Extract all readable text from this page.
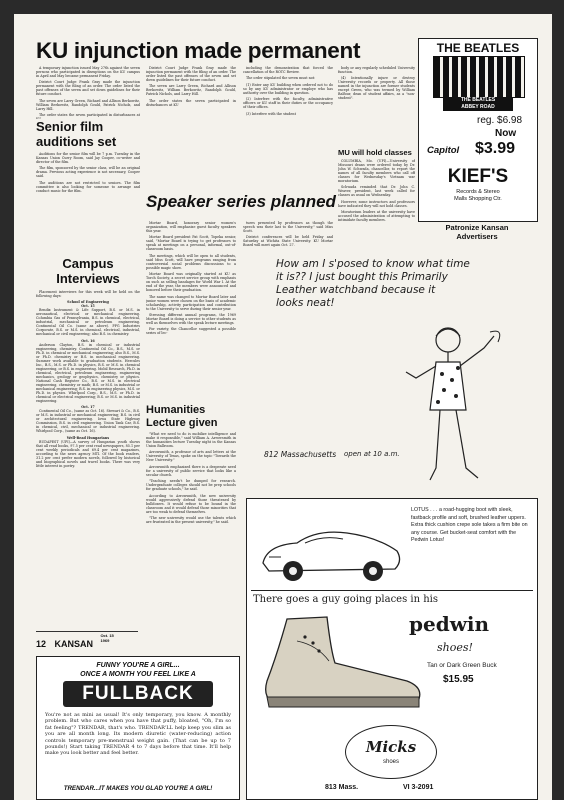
KU injunction made permanent

A temporary injunction issued May 27th against the seven persons who participated in disruptions on the KU campus in April and May became permanent Friday.

District Court Judge Frank Gray made the injunction permanent with the filing of an order. The order listed the past offenses of the seven and set down guidelines for their future conduct.

The seven are Larry Green, Richard and Allison Berkowitz, William Berkowitz, Randolph Gould, Patrick Nichols, and Larry Hill.

The order states the seven participated in disturbances at

District Court Judge Frank Gray made the injunction permanent with the filing of an order. The order listed the past offenses of the seven and set down guidelines for their future conduct.

The seven are Larry Green, Richard and Allison Berkowitz, William Berkowitz, Randolph Gould, Patrick Nichols, and Larry Hill.

The order states the seven participated in disturbances at KU

including the demonstration that forced the cancellation of the ROTC Review.

The order stipulated the seven must not:

(1) Enter any KU building when ordered not to do so by any KU administrator or employe who has authority over the building in question.

(2) Interfere with the faculty, administrative officers or KU staff in their duties or the occupancy of their offices.

(3) Interfere with the student

body or any regularly scheduled University function.

(4) Intentionally injure or destroy University records or property. All those named in the injunction are former students except Green, who was termed by William Balfour, dean of student affairs, as a "non-student".

MU will hold classes

COLUMBIA, Mo. (UPI)—University of Missouri deans were ordered today by Dr. John W. Schwada, chancellor, to report the names of all faculty members who call off classes for Wednesday's Vietnam war moratorium.

Schwada reminded that Dr. John C. Weaver, president, last week called for classes as usual on Wednesday.

However, some instructors and professors have indicated they will not hold classes.

Moratorium leaders at the university have accused the administration of attempting to intimidate faculty members.

Senior film auditions set

Auditions for the senior film will be 7 p.m. Tuesday in the Kansas Union Curry Room, said Jay Cooper, co-writer and director of the film.

The film, sponsored by the senior class, will be an original drama. Previous acting experience is not necessary, Cooper said.

The auditions are not restricted to seniors. The film committee is also looking for someone to arrange and conduct music for the film.

Campus Interviews

Placement interviews for this week will be held on the following days:

School of Engineering
Oct. 15

Bendix Instrument & Life Support, B.S. or M.S. in aeronautical, electrical or mechanical engineering. Columbia Gas of Pennsylvania, B.S. in chemical, electrical, industrial, mechanical or petroleum engineering. Continental Oil Co. (same as above). PPG Industries Corporate, B.S. or M.S. in chemical, electrical, industrial, mechanical or civil engineering; also B.S. in chemistry.

Oct. 16

Anderson Clayton, B.S. in chemical or industrial engineering, chemistry. Continental Oil Co., B.S., M.S. or Ph.D. in chemical or mechanical engineering; also B.S., M.S. or Ph.D. chemistry or B.S. in mechanical engineering. Summer work available to graduation students. Hercules Inc., B.S., M.S. or Ph.D. in physics, B.S. or M.S. in chemical engineering, or B.S. in engineering. Mobil Research, Ph.D. in chemical, electrical, petroleum engineering, engineering mechanics, geology or geophysics, chemistry or physics. National Cash Register Co., B.S. or M.S. in electrical engineering, chemistry or math; B.S. or M.S. in industrial or mechanical engineering; B.S. in engineering physics, M.S. or Ph.D. in physics. Whirlpool Corp., B.S., M.S. or Ph.D. in chemical or electrical engineering; B.S. or M.S. in industrial engineering.

Oct. 17

Continental Oil Co., (same as Oct. 16). Stewart & Co., B.S. or M.S. in industrial or mechanical engineering; B.S. in civil or architectural engineering. Iowa State Highway Commission, B.S. in civil engineering. Union Tank Car, B.S. in chemical, civil, mechanical or industrial engineering. Whirlpool Corp., (same as Oct. 16).

Well-Read Hungarians

BUDAPEST (UPI)—A survey of Hungarian youth shows that all read books, 97.5 per cent read newspapers, 85.1 per cent weekly periodicals and 69.4 per cent magazines, according to the news agency MTI. Of the book readers, 31.2 per cent prefer modern novels, followed by historical and biographical novels and travel books. There was very little interest in poetry.

Speaker series planned

Mortar Board, honorary senior women's organization, will emphasize guest faculty speakers this year.

Mortar Board president Pat Scott, Topeka senior, said, "Mortar Board is trying to get professors to speak at meetings on a personal, informal, out-of-classroom basis.

The meetings, which will be open to all students, said Miss Scott, will have programs ranging from controversial social problems discussions to a possible magic show.

Mortar Board was originally started at KU as Torch Society, a secret service group with emphasis on such as selling bandages for World War I. At the end of the year, the members were announced and honored before their graduation.

The name was changed to Mortar Board later and junior women were chosen on the basis of academic scholarship, activity participation and contribution to the University to serve during their senior year.

Stressing different annual programs, the 1969 Mortar Board is doing a service to other students as well as themselves with the speak lecture meetings.

For variety, the Chancellor suggested a possible series of lec-

tures presented by professors as though the speech was their last to the University," said Miss Scott.

District conferences will be held Friday and Saturday at Wichita State University. KU Mortar Board will meet again Oct. 27.

Humanities Lecture given

"What we need to do is mobilize intelligence and make it responsible," said William A. Arrowsmith in the humanities lecture Tuesday night in the Kansas Union Ballroom.

Arrowsmith, a professor of arts and letters at the University of Texas, spoke on the topic "Towards the New University."

Arrowsmith emphasized there is a desperate need for a university of public service that looks like a secular church.

"Teaching needn't be dumped for research. Undergraduate colleges should not be prep schools for graduate schools," he said.

According to Arrowsmith, the new university would aggressively defend those threatened by bulldozers. It would refuse to be bound in the classroom and it would defend those minorities that are too weak to defend themselves.

"The new university would use the talents which are frustrated in the present university," he said.

12 KANSAN Oct. 15
1969
THE BEATLES
THE BEATLES
ABBEY ROAD
reg. $6.98
Now
Capitol $3.99
KIEF'S
Records & Stereo
Malls Shopping Ctr.
Patronize Kansan
Advertisers
How am I s'posed to know what time
it is?? I just bought this Primarily
Leather watchband because it
looks neat!
812 Massachusetts	open at 10 a.m.
LOTUS . . . a road-hugging boot with sleek, fastback profile and soft, brushed leather uppers. Extra thick cushion crepe sole takes a firm bite on any course. Get bucket-seat comfort with the Pedwin Lotus!
There goes a guy going places in his
pedwin
shoes!
Tan or Dark Green Buck
$15.95
Micks
shoes
813 Mass.	VI 3-2091
FUNNY YOU'RE A GIRL...
ONCE A MONTH YOU FEEL LIKE A
FULLBACK
You're not as mini as usual! It's only temporary, you know. A monthly problem. But who cares when you have that puffy, bloated, "Oh, I'm so fat feeling"? TRENDAR, that's who. TRENDAR'LL help keep you slim as you are all month long. Its modern diuretic (water-reducing) action controls temporary pre-menstrual weight gain. (That can be up to 7 pounds!) Start taking TRENDAR 4 to 7 days before that time. It'll help make you look better and feel better.
TRENDAR...IT MAKES YOU GLAD YOU'RE A GIRL!
